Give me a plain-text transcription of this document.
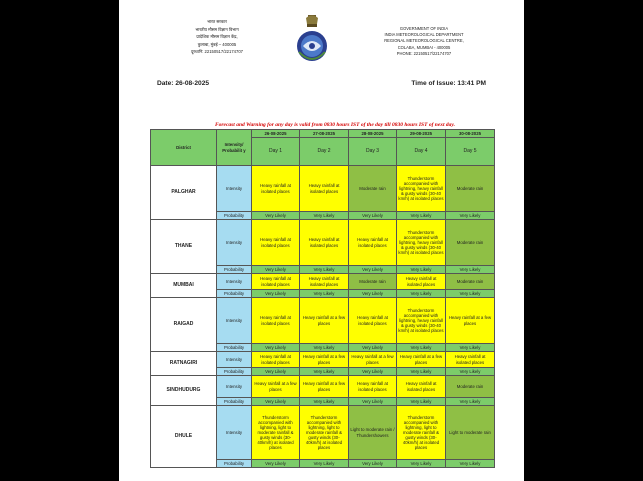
भारत सरकार
भारतीय मौसम विज्ञान विभाग
प्रादेशिक मौसम विज्ञान केंद्र,
कुलाबा, मुंबई – 400005
दूरध्वनि: 22150517/22174707
GOVERNMENT OF INDIA
INDIA METEOROLOGICAL DEPARTMENT
REGIONAL METEOROLOGICAL CENTRE,
COLABA, MUMBAI - 400005
PHONE: 22150517/22174707
Date: 26-08-2025	Time of Issue: 13:41 PM
Forecast and Warning for any day is valid from 0830 hours IST of the day till 0830 hours IST of next day.
District	Intensity/ Probabilit y	26-08-2025	27-08-2025	28-08-2025	29-08-2025	30-08-2025
		Day 1	Day 2	Day 3	Day 4	Day 5
PALGHAR	Intensity	Heavy rainfall at isolated places	Heavy rainfall at isolated places	Moderate rain	Thunderstorm accompanied with lightning, heavy rainfall & gusty winds (30-40 km/h) at isolated places	Moderate rain
	Probability	Very Likely	Very Likely	Very Likely	Very Likely	Very Likely
THANE	Intensity	Heavy rainfall at isolated places	Heavy rainfall at isolated places	Heavy rainfall at isolated places	Thunderstorm accompanied with lightning, heavy rainfall & gusty winds (30-40 km/h) at isolated places	Moderate rain
	Probability	Very Likely	Very Likely	Very Likely	Very Likely	Very Likely
MUMBAI	Intensity	Heavy rainfall at isolated places	Heavy rainfall at isolated places	Moderate rain	Heavy rainfall at isolated places	Moderate rain
	Probability	Very Likely	Very Likely	Very Likely	Very Likely	Very Likely
RAIGAD	Intensity	Heavy rainfall at isolated places	Heavy rainfall at a few places	Heavy rainfall at isolated places	Thunderstorm accompanied with lightning, heavy rainfall & gusty winds (30-40 km/h) at isolated places	Heavy rainfall at a few places
	Probability	Very Likely	Very Likely	Very Likely	Very Likely	Very Likely
RATNAGIRI	Intensity	Heavy rainfall at isolated places	Heavy rainfall at a few places	Heavy rainfall at a few places	Heavy rainfall at a few places	Heavy rainfall at isolated places
	Probability	Very Likely	Very Likely	Very Likely	Very Likely	Very Likely
SINDHUDURG	Intensity	Heavy rainfall at a few places	Heavy rainfall at a few places	Heavy rainfall at isolated places	Heavy rainfall at isolated places	Moderate rain
	Probability	Very Likely	Very Likely	Very Likely	Very Likely	Very Likely
DHULE	Intensity	Thunderstorm accompanied with lightning, light to moderate rainfall & gusty winds (30-40km/h) at isolated places	Thunderstorm accompanied with lightning, light to moderate rainfall & gusty winds (30-40km/h) at isolated places	Light to moderate rain / Thundershowers	Thunderstorm accompanied with lightning, light to moderate rainfall & gusty winds (30-40km/h) at isolated places	Light to moderate rain
	Probability	Very Likely	Very Likely	Very Likely	Very Likely	Very Likely
